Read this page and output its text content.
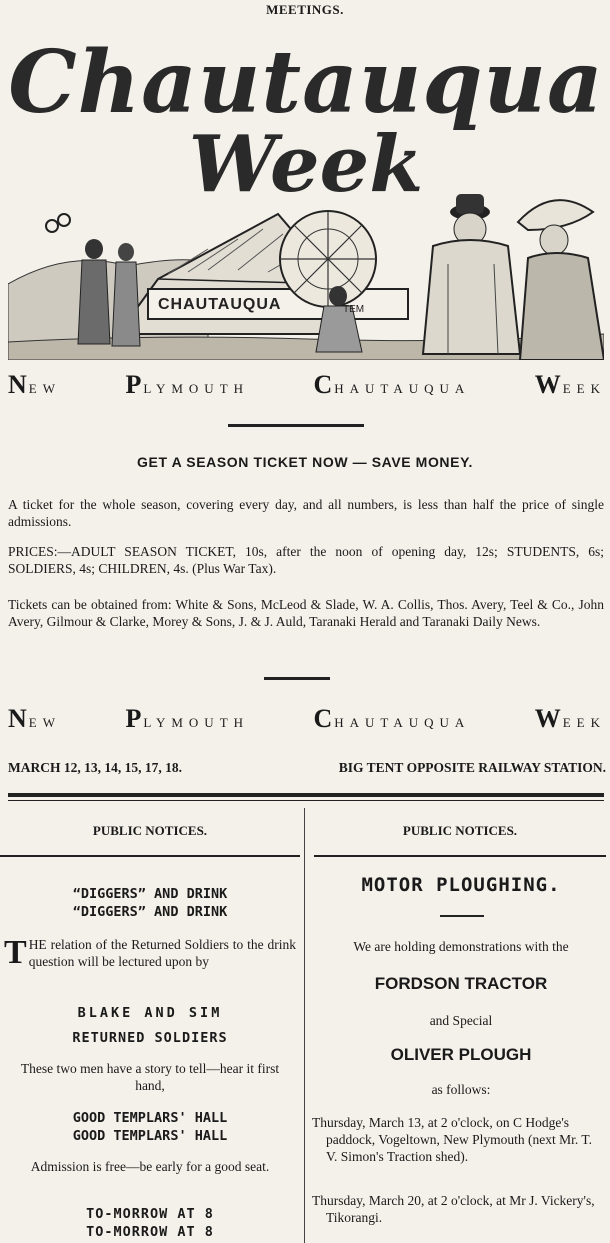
MEETINGS.
Chautauqua
Week
CHAUTAUQUA	TEM
NEW PLYMOUTH CHAUTAUQUA WEEK
GET A SEASON TICKET NOW — SAVE MONEY.
A ticket for the whole season, covering every day, and all numbers, is less than half the price of single admissions.
PRICES:—ADULT SEASON TICKET, 10s, after the noon of opening day, 12s; STUDENTS, 6s; SOLDIERS, 4s; CHILDREN, 4s. (Plus War Tax).
Tickets can be obtained from: White & Sons, McLeod & Slade, W. A. Collis, Thos. Avery, Teel & Co., John Avery, Gilmour & Clarke, Morey & Sons, J. & J. Auld, Taranaki Herald and Taranaki Daily News.
NEW PLYMOUTH CHAUTAUQUA WEEK
MARCH 12, 13, 14, 15, 17, 18.	BIG TENT OPPOSITE RAILWAY STATION.
PUBLIC NOTICES.
“DIGGERS” AND DRINK
“DIGGERS” AND DRINK
THE relation of the Returned Soldiers to the drink question will be lectured upon by
BLAKE AND SIM
RETURNED SOLDIERS
These two men have a story to tell—hear it first hand,
GOOD TEMPLARS' HALL
GOOD TEMPLARS' HALL
Admission is free—be early for a good seat.
TO-MORROW AT 8
TO-MORROW AT 8
PUBLIC NOTICES.
MOTOR PLOUGHING.
We are holding demonstrations with the
FORDSON TRACTOR
and Special
OLIVER PLOUGH
as follows:
Thursday, March 13, at 2 o'clock, on C Hodge's paddock, Vogeltown, New Plymouth (next Mr. T. V. Simon's Traction shed).
Thursday, March 20, at 2 o'clock, at Mr J. Vickery's, Tikorangi.
